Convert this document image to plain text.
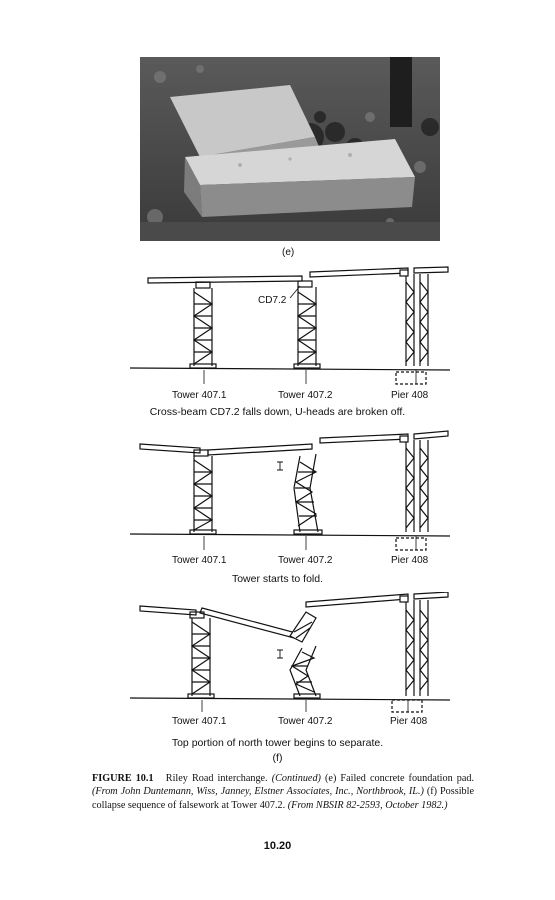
(e)
CD7.2
Tower 407.1	Tower 407.2	Pier 408
Cross-beam CD7.2 falls down, U-heads are broken off.
Tower 407.1	Tower 407.2	Pier 408
Tower starts to fold.
Tower 407.1	Tower 407.2	Pier 408
Top portion of north tower begins to separate.
(f)
FIGURE 10.1 Riley Road interchange. (Continued) (e) Failed concrete foundation pad. (From John Duntemann, Wiss, Janney, Elstner Associates, Inc., Northbrook, IL.) (f) Possible collapse sequence of falsework at Tower 407.2. (From NBSIR 82-2593, October 1982.)
10.20
